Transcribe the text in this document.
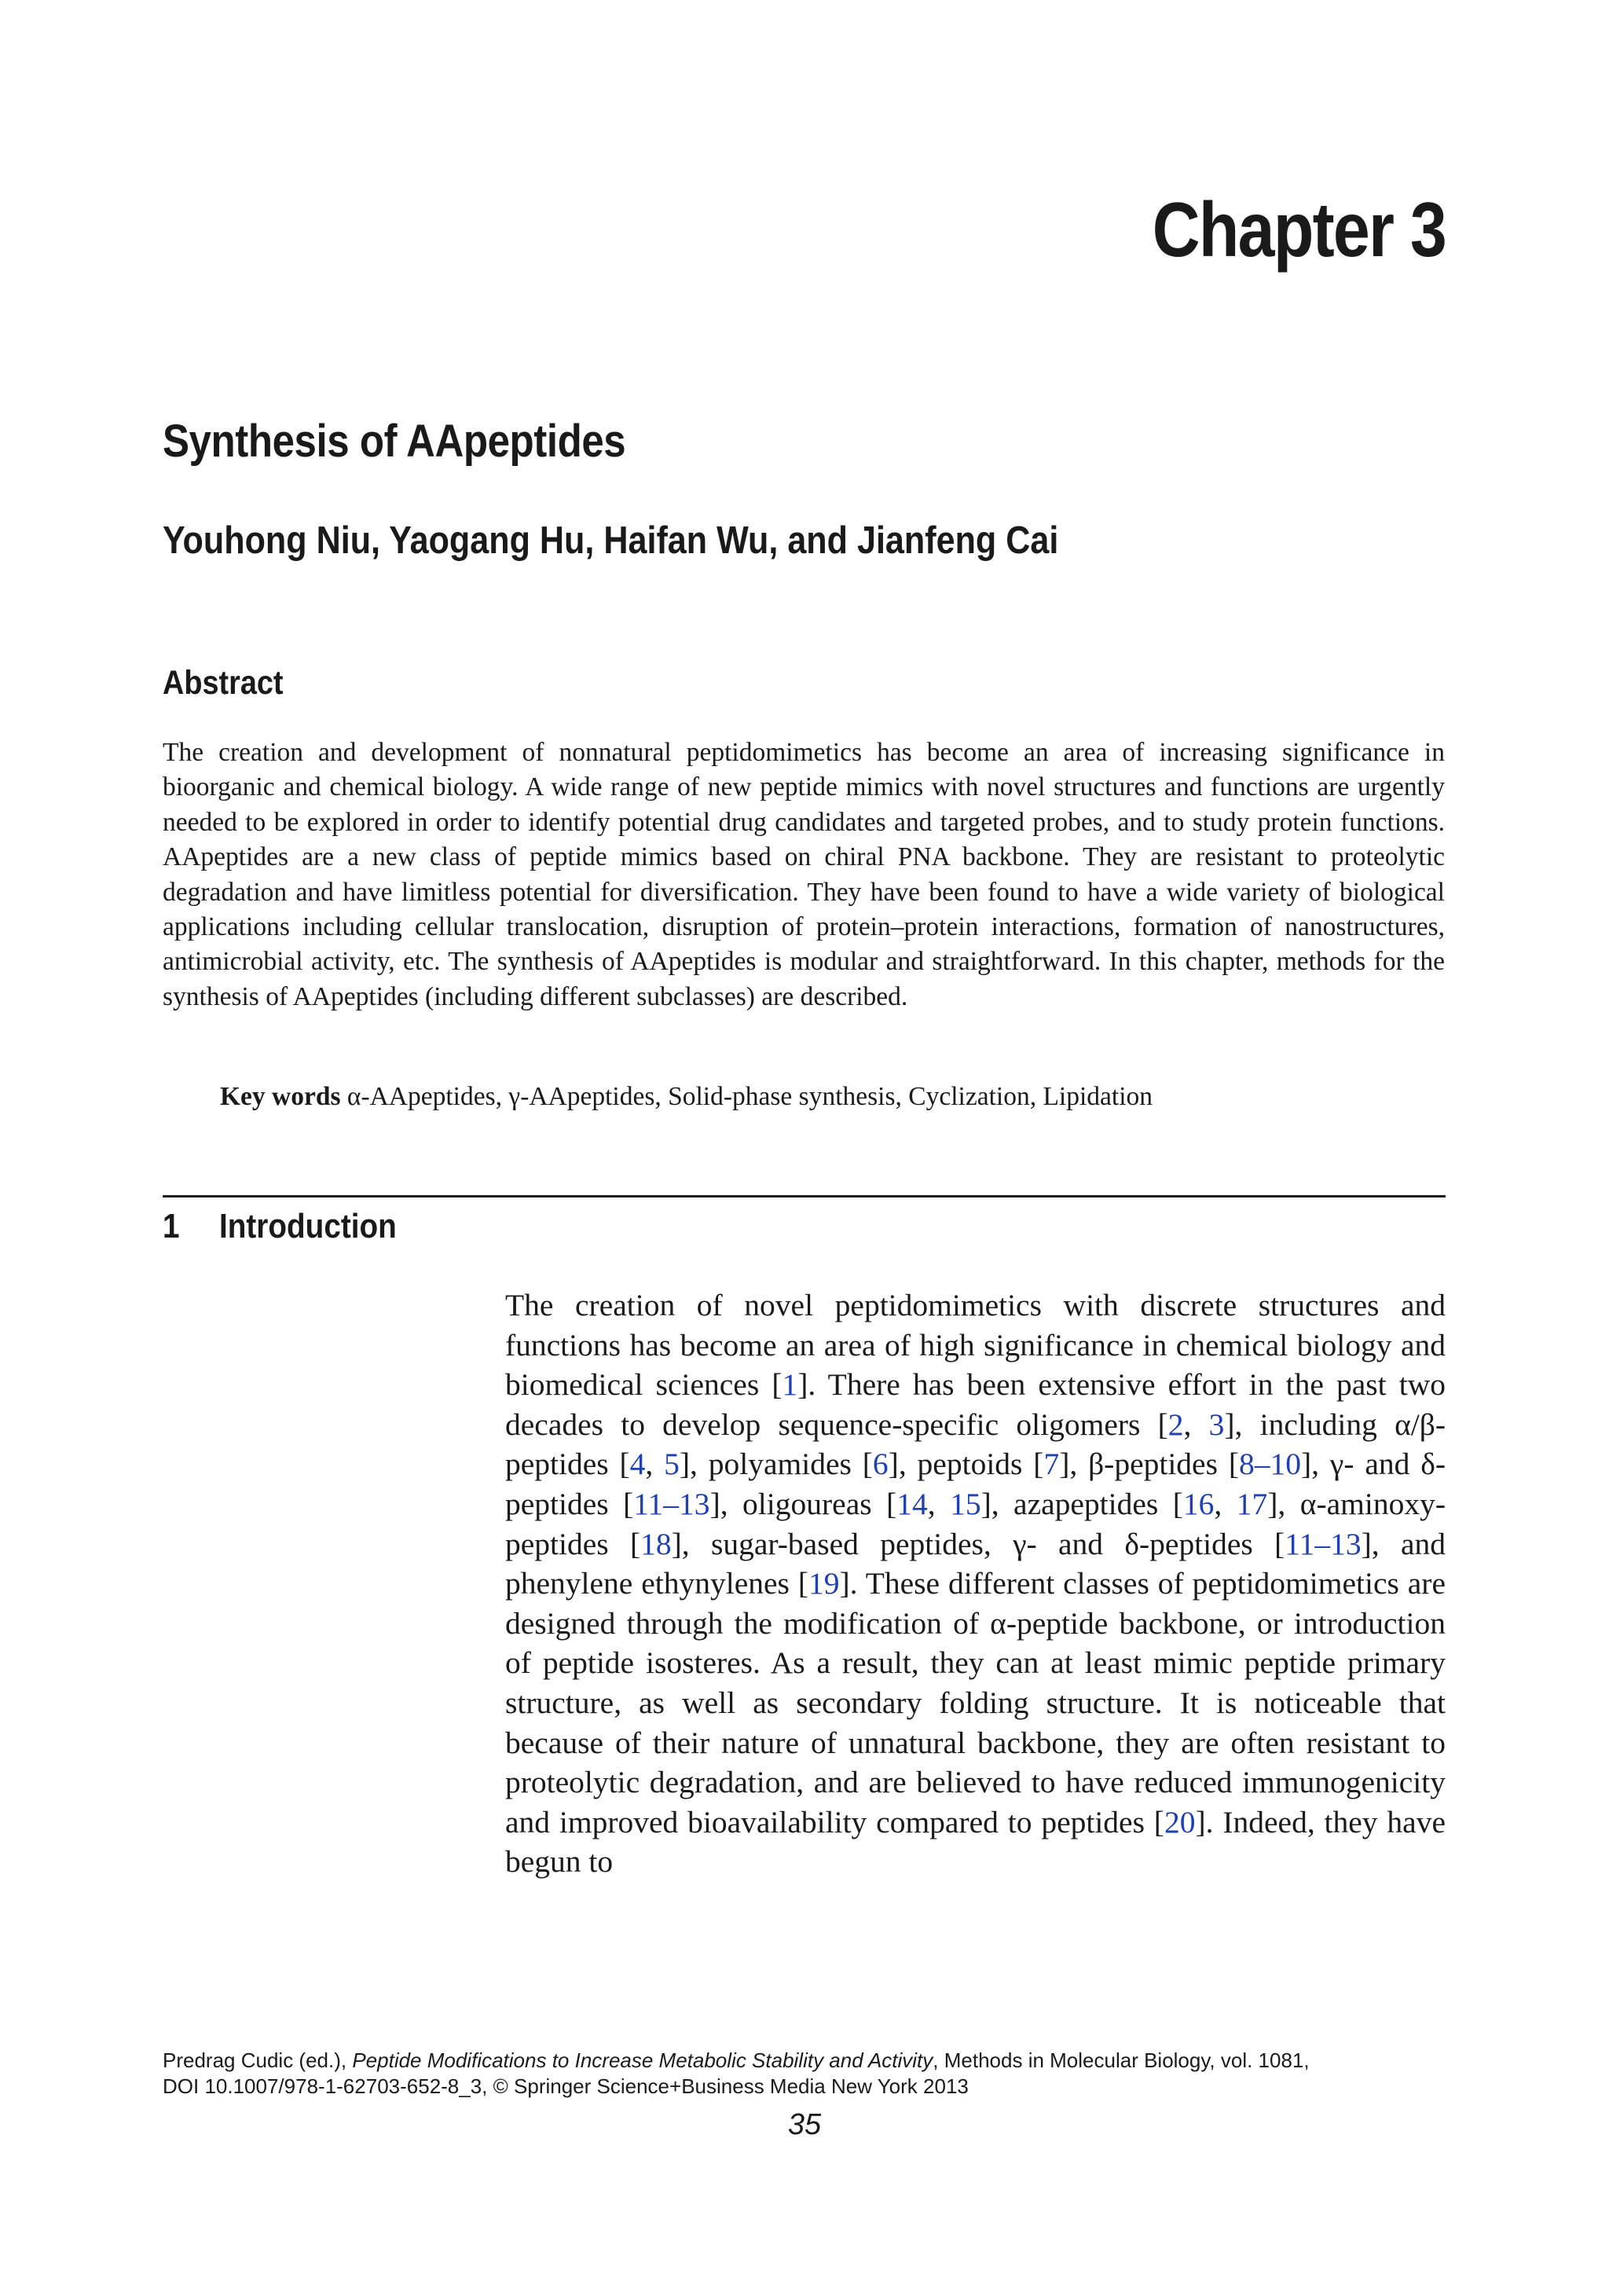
Chapter 3
Synthesis of AApeptides
Youhong Niu, Yaogang Hu, Haifan Wu, and Jianfeng Cai
Abstract

The creation and development of nonnatural peptidomimetics has become an area of increasing significance in bioorganic and chemical biology. A wide range of new peptide mimics with novel structures and functions are urgently needed to be explored in order to identify potential drug candidates and targeted probes, and to study protein functions. AApeptides are a new class of peptide mimics based on chiral PNA backbone. They are resistant to proteolytic degradation and have limitless potential for diversification. They have been found to have a wide variety of biological applications including cellular translocation, disruption of protein–protein interactions, formation of nanostructures, antimicrobial activity, etc. The synthesis of AApeptides is modular and straightforward. In this chapter, methods for the synthesis of AApeptides (including different subclasses) are described.

Key words α-AApeptides, γ-AApeptides, Solid-phase synthesis, Cyclization, Lipidation

1 Introduction

The creation of novel peptidomimetics with discrete structures and functions has become an area of high significance in chemical biology and biomedical sciences [1]. There has been extensive effort in the past two decades to develop sequence-specific oligomers [2, 3], including α/β-peptides [4, 5], polyamides [6], peptoids [7], β-peptides [8–10], γ- and δ-peptides [11–13], oligoureas [14, 15], azapeptides [16, 17], α-aminoxy-peptides [18], sugar-based peptides, γ- and δ-peptides [11–13], and phenylene ethynylenes [19]. These different classes of peptidomimetics are designed through the modification of α-peptide backbone, or introduction of peptide isosteres. As a result, they can at least mimic peptide primary structure, as well as secondary folding structure. It is noticeable that because of their nature of unnatural backbone, they are often resistant to proteolytic degradation, and are believed to have reduced immunogenicity and improved bioavailability compared to peptides [20]. Indeed, they have begun to

Predrag Cudic (ed.), Peptide Modifications to Increase Metabolic Stability and Activity, Methods in Molecular Biology, vol. 1081,
DOI 10.1007/978-1-62703-652-8_3, © Springer Science+Business Media New York 2013

35
